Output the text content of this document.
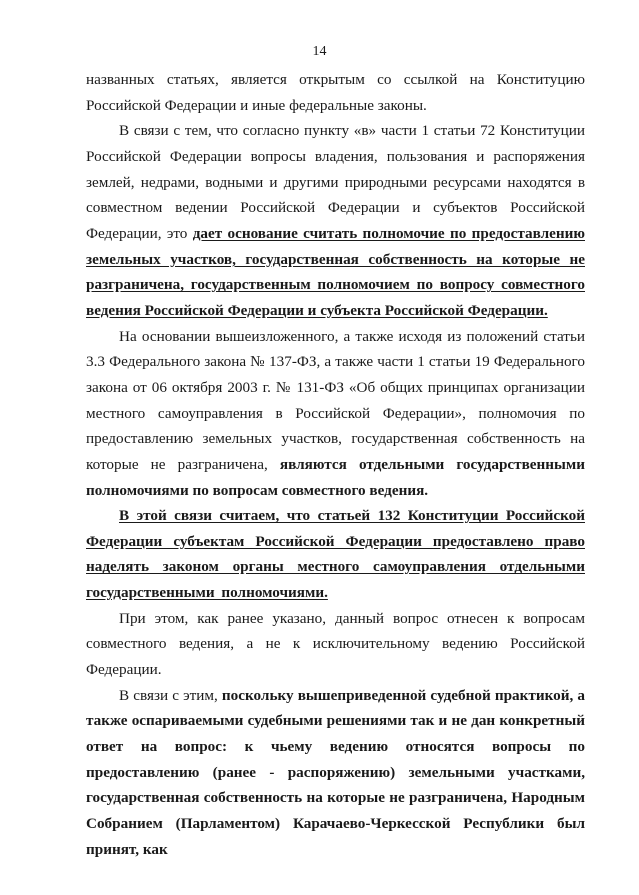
14

названных статьях, является открытым со ссылкой на Конституцию Российской Федерации и иные федеральные законы.

В связи с тем, что согласно пункту «в» части 1 статьи 72 Конституции Российской Федерации вопросы владения, пользования и распоряжения землей, недрами, водными и другими природными ресурсами находятся в совместном ведении Российской Федерации и субъектов Российской Федерации, это дает основание считать полномочие по предоставлению земельных участков, государственная собственность на которые не разграничена, государственным полномочием по вопросу совместного ведения Российской Федерации и субъекта Российской Федерации.

На основании вышеизложенного, а также исходя из положений статьи 3.3 Федерального закона № 137-ФЗ, а также части 1 статьи 19 Федерального закона от 06 октября 2003 г. № 131-ФЗ «Об общих принципах организации местного самоуправления в Российской Федерации», полномочия по предоставлению земельных участков, государственная собственность на которые не разграничена, являются отдельными государственными полномочиями по вопросам совместного ведения.

В этой связи считаем, что статьей 132 Конституции Российской Федерации субъектам Российской Федерации предоставлено право наделять законом органы местного самоуправления отдельными государственными полномочиями.

При этом, как ранее указано, данный вопрос отнесен к вопросам совместного ведения, а не к исключительному ведению Российской Федерации.

В связи с этим, поскольку вышеприведенной судебной практикой, а также оспариваемыми судебными решениями так и не дан конкретный ответ на вопрос: к чьему ведению относятся вопросы по предоставлению (ранее - распоряжению) земельными участками, государственная собственность на которые не разграничена, Народным Собранием (Парламентом) Карачаево-Черкесской Республики был принят, как
